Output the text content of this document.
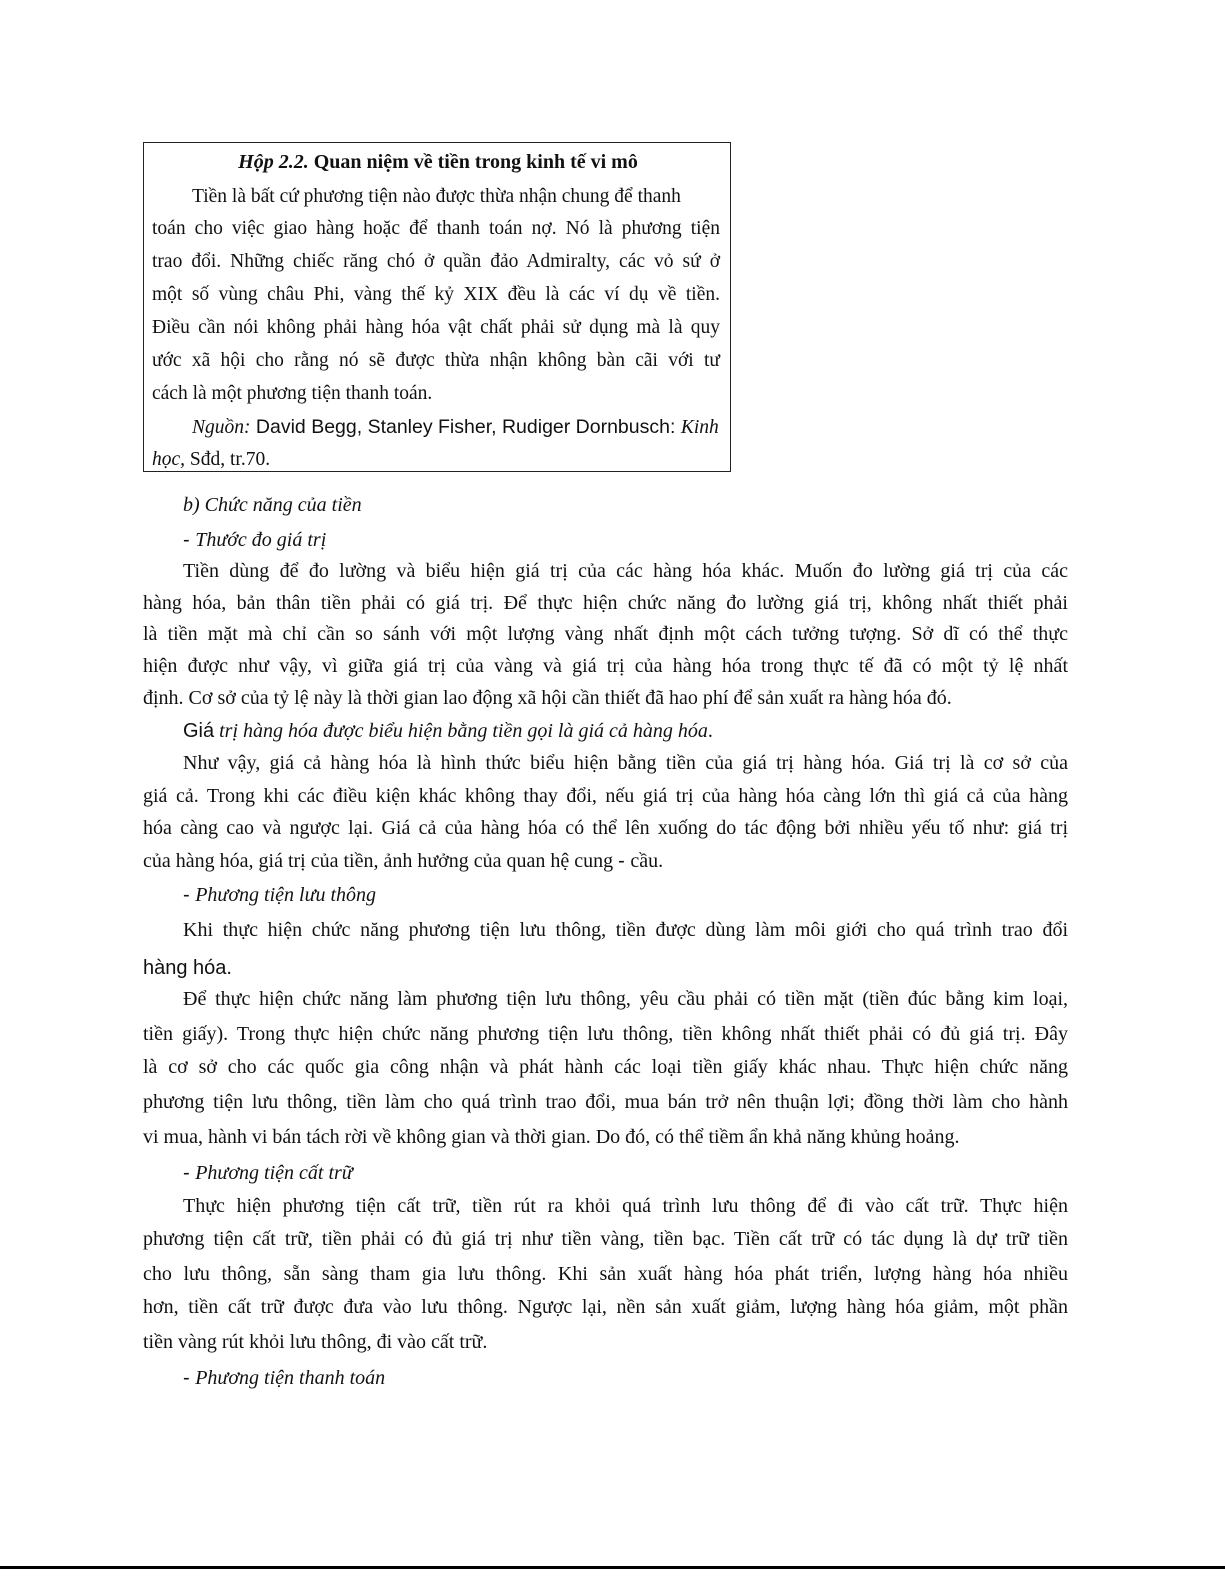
Hộp 2.2. Quan niệm về tiền trong kinh tế vi mô
Tiền là bất cứ phương tiện nào được thừa nhận chung để thanh
toán cho việc giao hàng hoặc để thanh toán nợ. Nó là phương tiện
trao đổi. Những chiếc răng chó ở quần đảo Admiralty, các vỏ sứ ở
một số vùng châu Phi, vàng thế kỷ XIX đều là các ví dụ về tiền.
Điều cần nói không phải hàng hóa vật chất phải sử dụng mà là quy
ước xã hội cho rằng nó sẽ được thừa nhận không bàn cãi với tư
cách là một phương tiện thanh toán.
Nguồn: David Begg, Stanley Fisher, Rudiger Dornbusch: Kinh
học, Sđd, tr.70.
b) Chức năng của tiền
- Thước đo giá trị
Tiền dùng để đo lường và biểu hiện giá trị của các hàng hóa khác. Muốn đo lường giá trị của các
hàng hóa, bản thân tiền phải có giá trị. Để thực hiện chức năng đo lường giá trị, không nhất thiết phải
là tiền mặt mà chỉ cần so sánh với một lượng vàng nhất định một cách tưởng tượng. Sở dĩ có thể thực
hiện được như vậy, vì giữa giá trị của vàng và giá trị của hàng hóa trong thực tế đã có một tỷ lệ nhất
định. Cơ sở của tỷ lệ này là thời gian lao động xã hội cần thiết đã hao phí để sản xuất ra hàng hóa đó.
Giá trị hàng hóa được biểu hiện bằng tiền gọi là giá cả hàng hóa.
Như vậy, giá cả hàng hóa là hình thức biểu hiện bằng tiền của giá trị hàng hóa. Giá trị là cơ sở của
giá cả. Trong khi các điều kiện khác không thay đổi, nếu giá trị của hàng hóa càng lớn thì giá cả của hàng
hóa càng cao và ngược lại. Giá cả của hàng hóa có thể lên xuống do tác động bởi nhiều yếu tố như: giá trị
của hàng hóa, giá trị của tiền, ảnh hưởng của quan hệ cung - cầu.
- Phương tiện lưu thông
Khi thực hiện chức năng phương tiện lưu thông, tiền được dùng làm môi giới cho quá trình trao đổi
hàng hóa.
Để thực hiện chức năng làm phương tiện lưu thông, yêu cầu phải có tiền mặt (tiền đúc bằng kim loại,
tiền giấy). Trong thực hiện chức năng phương tiện lưu thông, tiền không nhất thiết phải có đủ giá trị. Đây
là cơ sở cho các quốc gia công nhận và phát hành các loại tiền giấy khác nhau. Thực hiện chức năng
phương tiện lưu thông, tiền làm cho quá trình trao đổi, mua bán trở nên thuận lợi; đồng thời làm cho hành
vi mua, hành vi bán tách rời về không gian và thời gian. Do đó, có thể tiềm ẩn khả năng khủng hoảng.
- Phương tiện cất trữ
Thực hiện phương tiện cất trữ, tiền rút ra khỏi quá trình lưu thông để đi vào cất trữ. Thực hiện
phương tiện cất trữ, tiền phải có đủ giá trị như tiền vàng, tiền bạc. Tiền cất trữ có tác dụng là dự trữ tiền
cho lưu thông, sẵn sàng tham gia lưu thông. Khi sản xuất hàng hóa phát triển, lượng hàng hóa nhiều
hơn, tiền cất trữ được đưa vào lưu thông. Ngược lại, nền sản xuất giảm, lượng hàng hóa giảm, một phần
tiền vàng rút khỏi lưu thông, đi vào cất trữ.
- Phương tiện thanh toán
